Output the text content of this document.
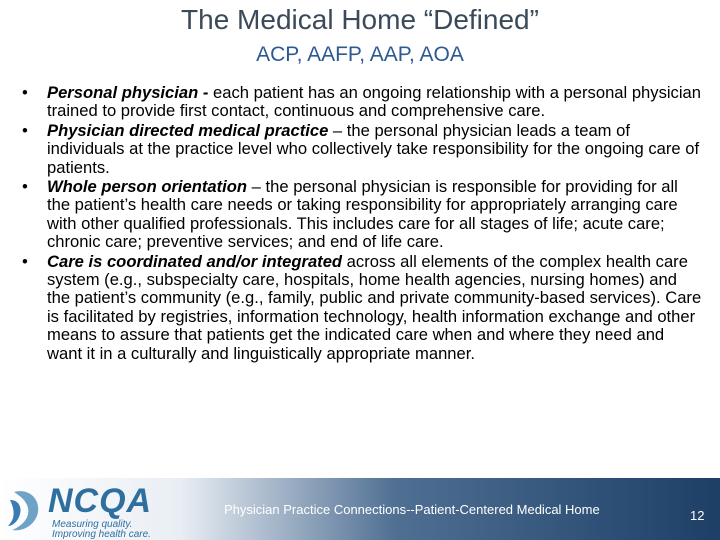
The Medical Home “Defined”
ACP, AAFP, AAP, AOA
• Personal physician - each patient has an ongoing relationship with a personal physician trained to provide first contact, continuous and comprehensive care.
• Physician directed medical practice – the personal physician leads a team of individuals at the practice level who collectively take responsibility for the ongoing care of patients.
• Whole person orientation – the personal physician is responsible for providing for all the patient’s health care needs or taking responsibility for appropriately arranging care with other qualified professionals. This includes care for all stages of life; acute care; chronic care; preventive services; and end of life care.
• Care is coordinated and/or integrated across all elements of the complex health care system (e.g., subspecialty care, hospitals, home health agencies, nursing homes) and the patient’s community (e.g., family, public and private community-based services). Care is facilitated by registries, information technology, health information exchange and other means to assure that patients get the indicated care when and where they need and want it in a culturally and linguistically appropriate manner.
NCQA
Measuring quality.
Improving health care.
Physician Practice Connections--Patient-Centered Medical Home	12
